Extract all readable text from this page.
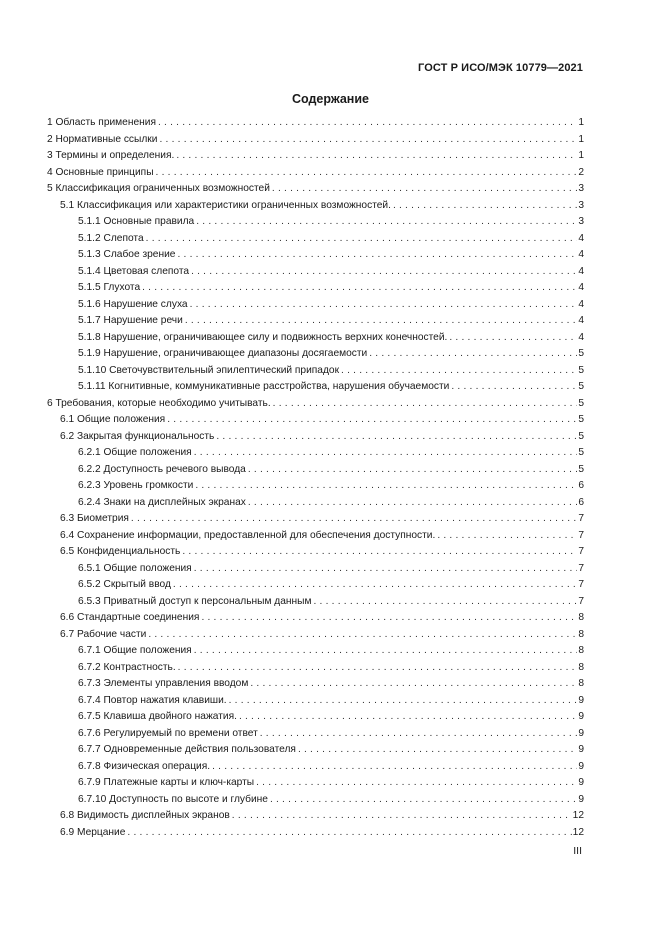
ГОСТ Р ИСО/МЭК 10779—2021
Содержание
1 Область применения . . .	1
2 Нормативные ссылки . . .	1
3 Термины и определения. . . .	1
4 Основные принципы . . .	2
5 Классификация ограниченных возможностей . . .	3
5.1 Классификация или характеристики ограниченных возможностей. . . .	3
5.1.1 Основные правила . . .	3
5.1.2 Слепота . . .	4
5.1.3 Слабое зрение . . .	4
5.1.4 Цветовая слепота . . .	4
5.1.5 Глухота . . .	4
5.1.6 Нарушение слуха . . .	4
5.1.7 Нарушение речи . . .	4
5.1.8 Нарушение, ограничивающее силу и подвижность верхних конечностей. . . .	4
5.1.9 Нарушение, ограничивающее диапазоны досягаемости . . .	5
5.1.10 Светочувствительный эпилептический припадок . . .	5
5.1.11 Когнитивные, коммуникативные расстройства, нарушения обучаемости . . .	5
6 Требования, которые необходимо учитывать. . . .	5
6.1 Общие положения . . .	5
6.2 Закрытая функциональность . . .	5
6.2.1 Общие положения . . .	5
6.2.2 Доступность речевого вывода . . .	5
6.2.3 Уровень громкости . . .	6
6.2.4 Знаки на дисплейных экранах . . .	6
6.3 Биометрия . . .	7
6.4 Сохранение информации, предоставленной для обеспечения доступности. . . .	7
6.5 Конфиденциальность . . .	7
6.5.1 Общие положения . . .	7
6.5.2 Скрытый ввод . . .	7
6.5.3 Приватный доступ к персональным данным . . .	7
6.6 Стандартные соединения . . .	8
6.7 Рабочие части . . .	8
6.7.1 Общие положения . . .	8
6.7.2 Контрастность. . . .	8
6.7.3 Элементы управления вводом . . .	8
6.7.4 Повтор нажатия клавиши. . . .	9
6.7.5 Клавиша двойного нажатия. . . .	9
6.7.6 Регулируемый по времени ответ . . .	9
6.7.7 Одновременные действия пользователя . . .	9
6.7.8 Физическая операция. . . .	9
6.7.9 Платежные карты и ключ-карты . . .	9
6.7.10 Доступность по высоте и глубине . . .	9
6.8 Видимость дисплейных экранов . . .	12
6.9 Мерцание . . .	12
III
